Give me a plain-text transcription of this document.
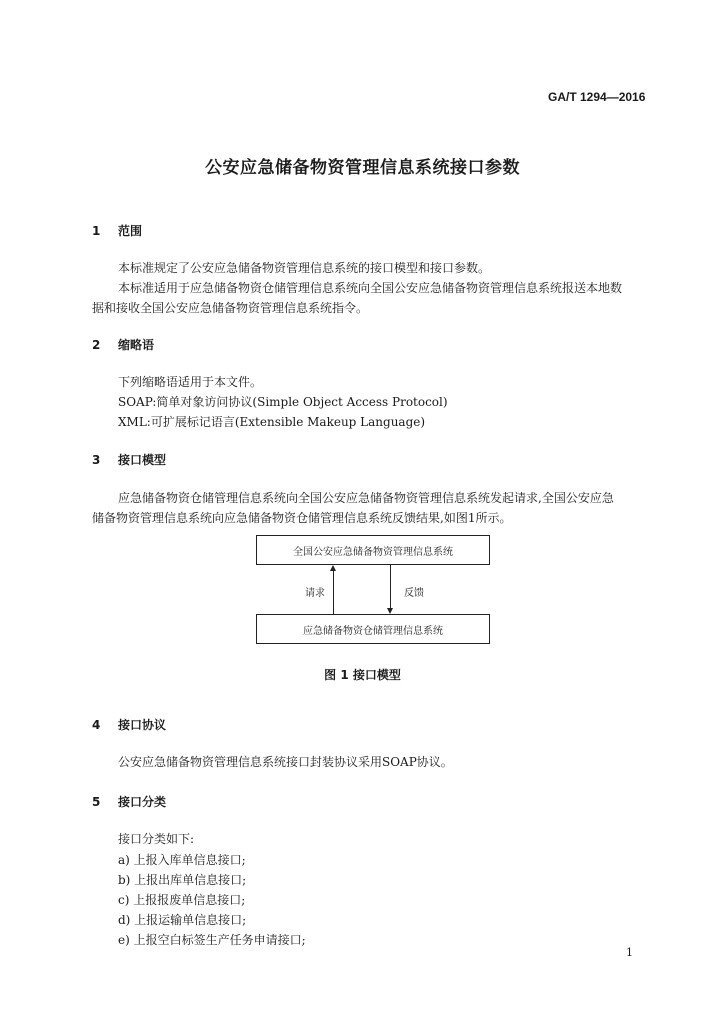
GA/T 1294—2016
公安应急储备物资管理信息系统接口参数
1 范围
本标准规定了公安应急储备物资管理信息系统的接口模型和接口参数。
本标准适用于应急储备物资仓储管理信息系统向全国公安应急储备物资管理信息系统报送本地数
据和接收全国公安应急储备物资管理信息系统指令。
2 缩略语
下列缩略语适用于本文件。
SOAP:简单对象访问协议(Simple Object Access Protocol)
XML:可扩展标记语言(Extensible Makeup Language)
3 接口模型
应急储备物资仓储管理信息系统向全国公安应急储备物资管理信息系统发起请求,全国公安应急
储备物资管理信息系统向应急储备物资仓储管理信息系统反馈结果,如图1所示。
全国公安应急储备物资管理信息系统
请求	反馈
应急储备物资仓储管理信息系统
图 1 接口模型
4 接口协议
公安应急储备物资管理信息系统接口封装协议采用SOAP协议。
5 接口分类
接口分类如下:
a) 上报入库单信息接口;
b) 上报出库单信息接口;
c) 上报报废单信息接口;
d) 上报运输单信息接口;
e) 上报空白标签生产任务申请接口;
1
